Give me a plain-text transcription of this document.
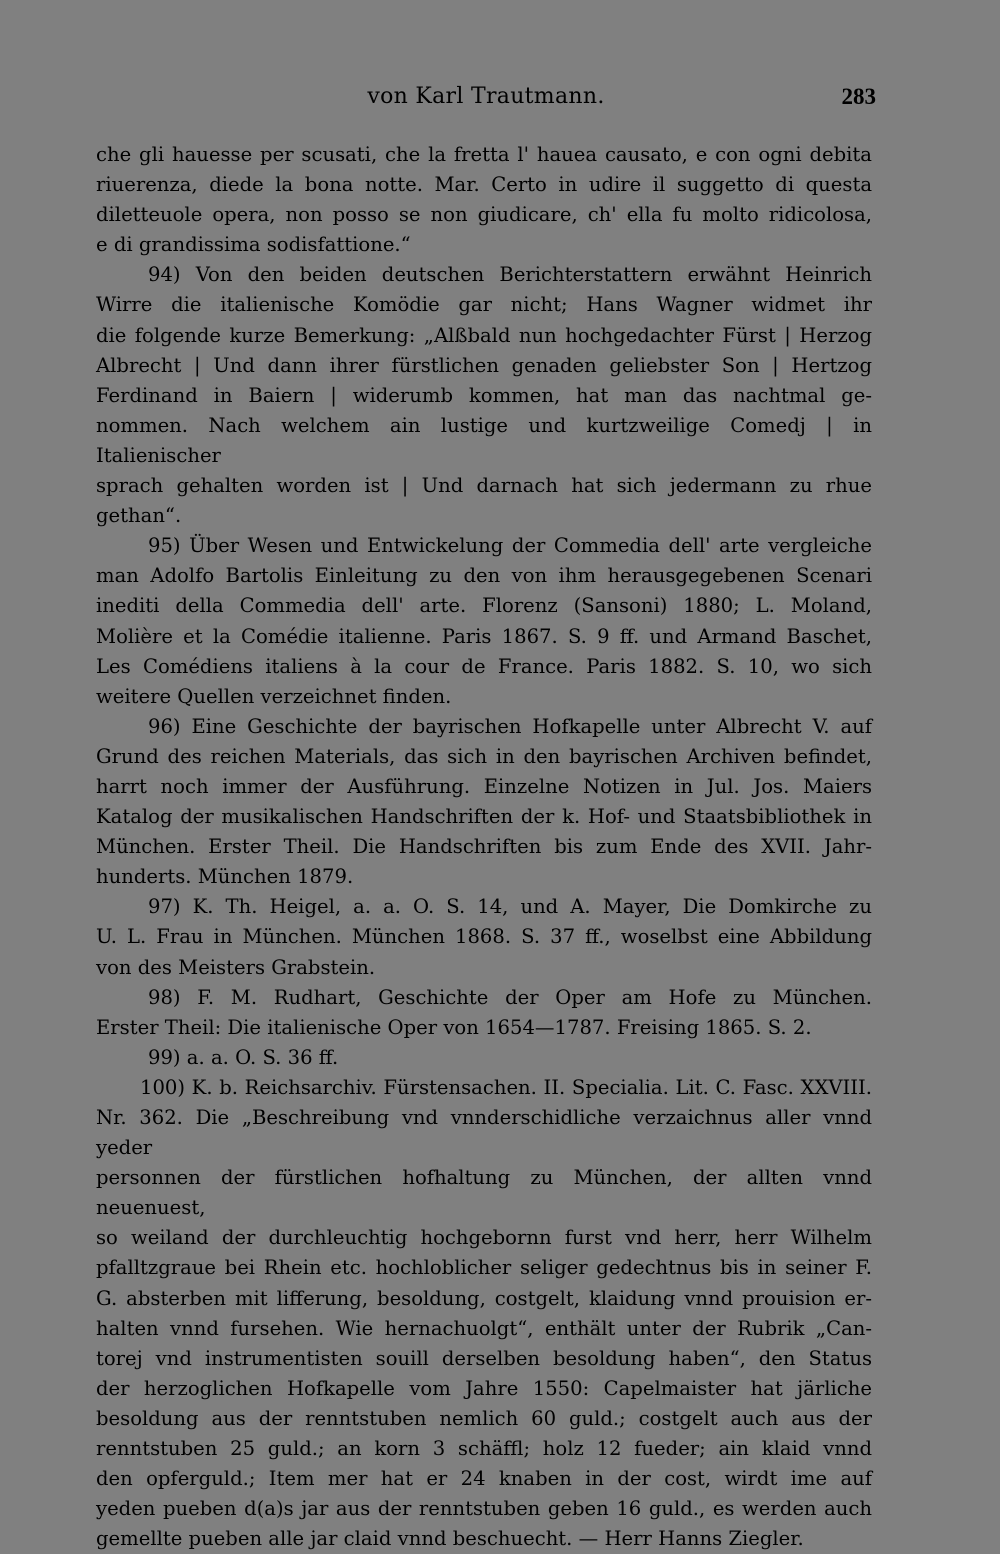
von Karl Trautmann.	283

che gli hauesse per scusati, che la fretta l' hauea causato, e con ogni debita

riuerenza, diede la bona notte. Mar. Certo in udire il suggetto di questa

diletteuole opera, non posso se non giudicare, ch' ella fu molto ridicolosa,

e di grandissima sodisfattione.“

94) Von den beiden deutschen Berichterstattern erwähnt Heinrich

Wirre die italienische Komödie gar nicht; Hans Wagner widmet ihr

die folgende kurze Bemerkung: „Alßbald nun hochgedachter Fürst | Herzog

Albrecht | Und dann ihrer fürstlichen genaden geliebster Son | Hertzog

Ferdinand in Baiern | widerumb kommen, hat man das nachtmal ge-

nommen. Nach welchem ain lustige und kurtzweilige Comedj | in Italienischer

sprach gehalten worden ist | Und darnach hat sich jedermann zu rhue gethan“.

95) Über Wesen und Entwickelung der Commedia dell' arte vergleiche

man Adolfo Bartolis Einleitung zu den von ihm herausgegebenen Scenari

inediti della Commedia dell' arte. Florenz (Sansoni) 1880; L. Moland,

Molière et la Comédie italienne. Paris 1867. S. 9 ff. und Armand Baschet,

Les Comédiens italiens à la cour de France. Paris 1882. S. 10, wo sich

weitere Quellen verzeichnet finden.

96) Eine Geschichte der bayrischen Hofkapelle unter Albrecht V. auf

Grund des reichen Materials, das sich in den bayrischen Archiven befindet,

harrt noch immer der Ausführung. Einzelne Notizen in Jul. Jos. Maiers

Katalog der musikalischen Handschriften der k. Hof- und Staatsbibliothek in

München. Erster Theil. Die Handschriften bis zum Ende des XVII. Jahr-

hunderts. München 1879.

97) K. Th. Heigel, a. a. O. S. 14, und A. Mayer, Die Domkirche zu

U. L. Frau in München. München 1868. S. 37 ff., woselbst eine Abbildung

von des Meisters Grabstein.

98) F. M. Rudhart, Geschichte der Oper am Hofe zu München.

Erster Theil: Die italienische Oper von 1654—1787. Freising 1865. S. 2.

99) a. a. O. S. 36 ff.

100) K. b. Reichsarchiv. Fürstensachen. II. Specialia. Lit. C. Fasc. XXVIII.

Nr. 362. Die „Beschreibung vnd vnnderschidliche verzaichnus aller vnnd yeder

personnen der fürstlichen hofhaltung zu München, der allten vnnd neuenuest,

so weiland der durchleuchtig hochgebornn furst vnd herr, herr Wilhelm

pfalltzgraue bei Rhein etc. hochloblicher seliger gedechtnus bis in seiner F.

G. absterben mit lifferung, besoldung, costgelt, klaidung vnnd prouision er-

halten vnnd fursehen. Wie hernachuolgt“, enthält unter der Rubrik „Can-

torej vnd instrumentisten souill derselben besoldung haben“, den Status

der herzoglichen Hofkapelle vom Jahre 1550: Capelmaister hat järliche

besoldung aus der renntstuben nemlich 60 guld.; costgelt auch aus der

renntstuben 25 guld.; an korn 3 schäffl; holz 12 fueder; ain klaid vnnd

den opferguld.; Item mer hat er 24 knaben in der cost, wirdt ime auf

yeden pueben d(a)s jar aus der renntstuben geben 16 guld., es werden auch

gemellte pueben alle jar claid vnnd beschuecht. — Herr Hanns Ziegler.
